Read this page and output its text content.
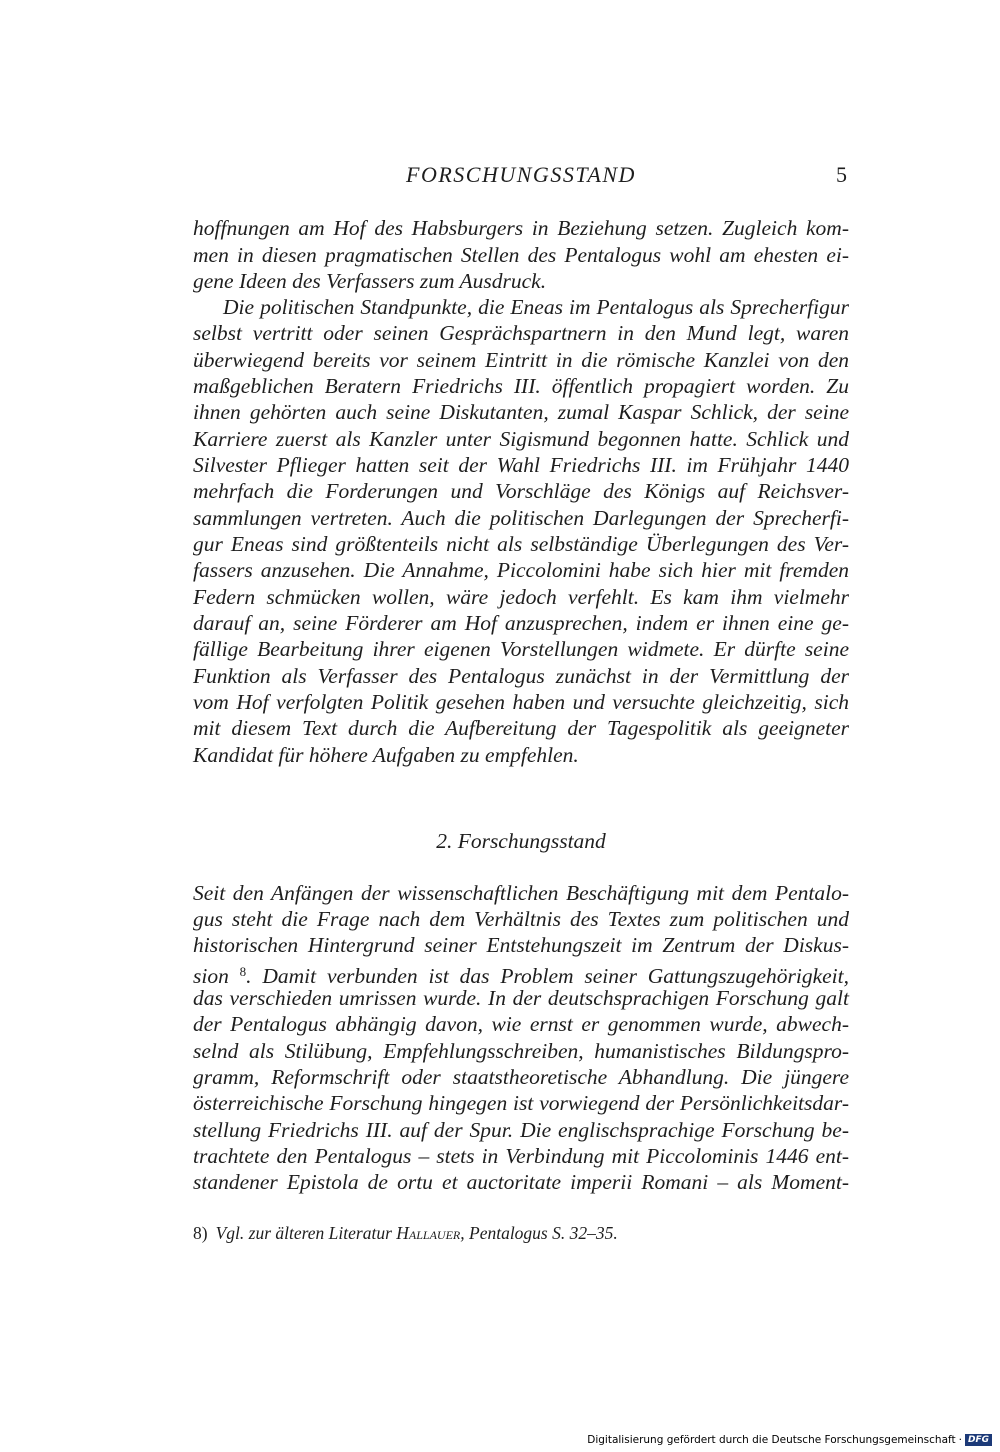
FORSCHUNGSSTAND	5
hoffnungen am Hof des Habsburgers in Beziehung setzen. Zugleich kom-
men in diesen pragmatischen Stellen des Pentalogus wohl am ehesten ei-
gene Ideen des Verfassers zum Ausdruck.
Die politischen Standpunkte, die Eneas im Pentalogus als Sprecherfigur
selbst vertritt oder seinen Gesprächspartnern in den Mund legt, waren
überwiegend bereits vor seinem Eintritt in die römische Kanzlei von den
maßgeblichen Beratern Friedrichs III. öffentlich propagiert worden. Zu
ihnen gehörten auch seine Diskutanten, zumal Kaspar Schlick, der seine
Karriere zuerst als Kanzler unter Sigismund begonnen hatte. Schlick und
Silvester Pflieger hatten seit der Wahl Friedrichs III. im Frühjahr 1440
mehrfach die Forderungen und Vorschläge des Königs auf Reichsver-
sammlungen vertreten. Auch die politischen Darlegungen der Sprecherfi-
gur Eneas sind größtenteils nicht als selbständige Überlegungen des Ver-
fassers anzusehen. Die Annahme, Piccolomini habe sich hier mit fremden
Federn schmücken wollen, wäre jedoch verfehlt. Es kam ihm vielmehr
darauf an, seine Förderer am Hof anzusprechen, indem er ihnen eine ge-
fällige Bearbeitung ihrer eigenen Vorstellungen widmete. Er dürfte seine
Funktion als Verfasser des Pentalogus zunächst in der Vermittlung der
vom Hof verfolgten Politik gesehen haben und versuchte gleichzeitig, sich
mit diesem Text durch die Aufbereitung der Tagespolitik als geeigneter
Kandidat für höhere Aufgaben zu empfehlen.
2. Forschungsstand
Seit den Anfängen der wissenschaftlichen Beschäftigung mit dem Pentalo-
gus steht die Frage nach dem Verhältnis des Textes zum politischen und
historischen Hintergrund seiner Entstehungszeit im Zentrum der Diskus-
sion $^8$. Damit verbunden ist das Problem seiner Gattungszugehörigkeit,
das verschieden umrissen wurde. In der deutschsprachigen Forschung galt
der Pentalogus abhängig davon, wie ernst er genommen wurde, abwech-
selnd als Stilübung, Empfehlungsschreiben, humanistisches Bildungspro-
gramm, Reformschrift oder staatstheoretische Abhandlung. Die jüngere
österreichische Forschung hingegen ist vorwiegend der Persönlichkeitsdar-
stellung Friedrichs III. auf der Spur. Die englischsprachige Forschung be-
trachtete den Pentalogus – stets in Verbindung mit Piccolominis 1446 ent-
standener Epistola de ortu et auctoritate imperii Romani – als Moment-
8) Vgl. zur älteren Literatur Hallauer, Pentalogus S. 32–35.
Digitalisierung gefördert durch die Deutsche Forschungsgemeinschaft · DFG
